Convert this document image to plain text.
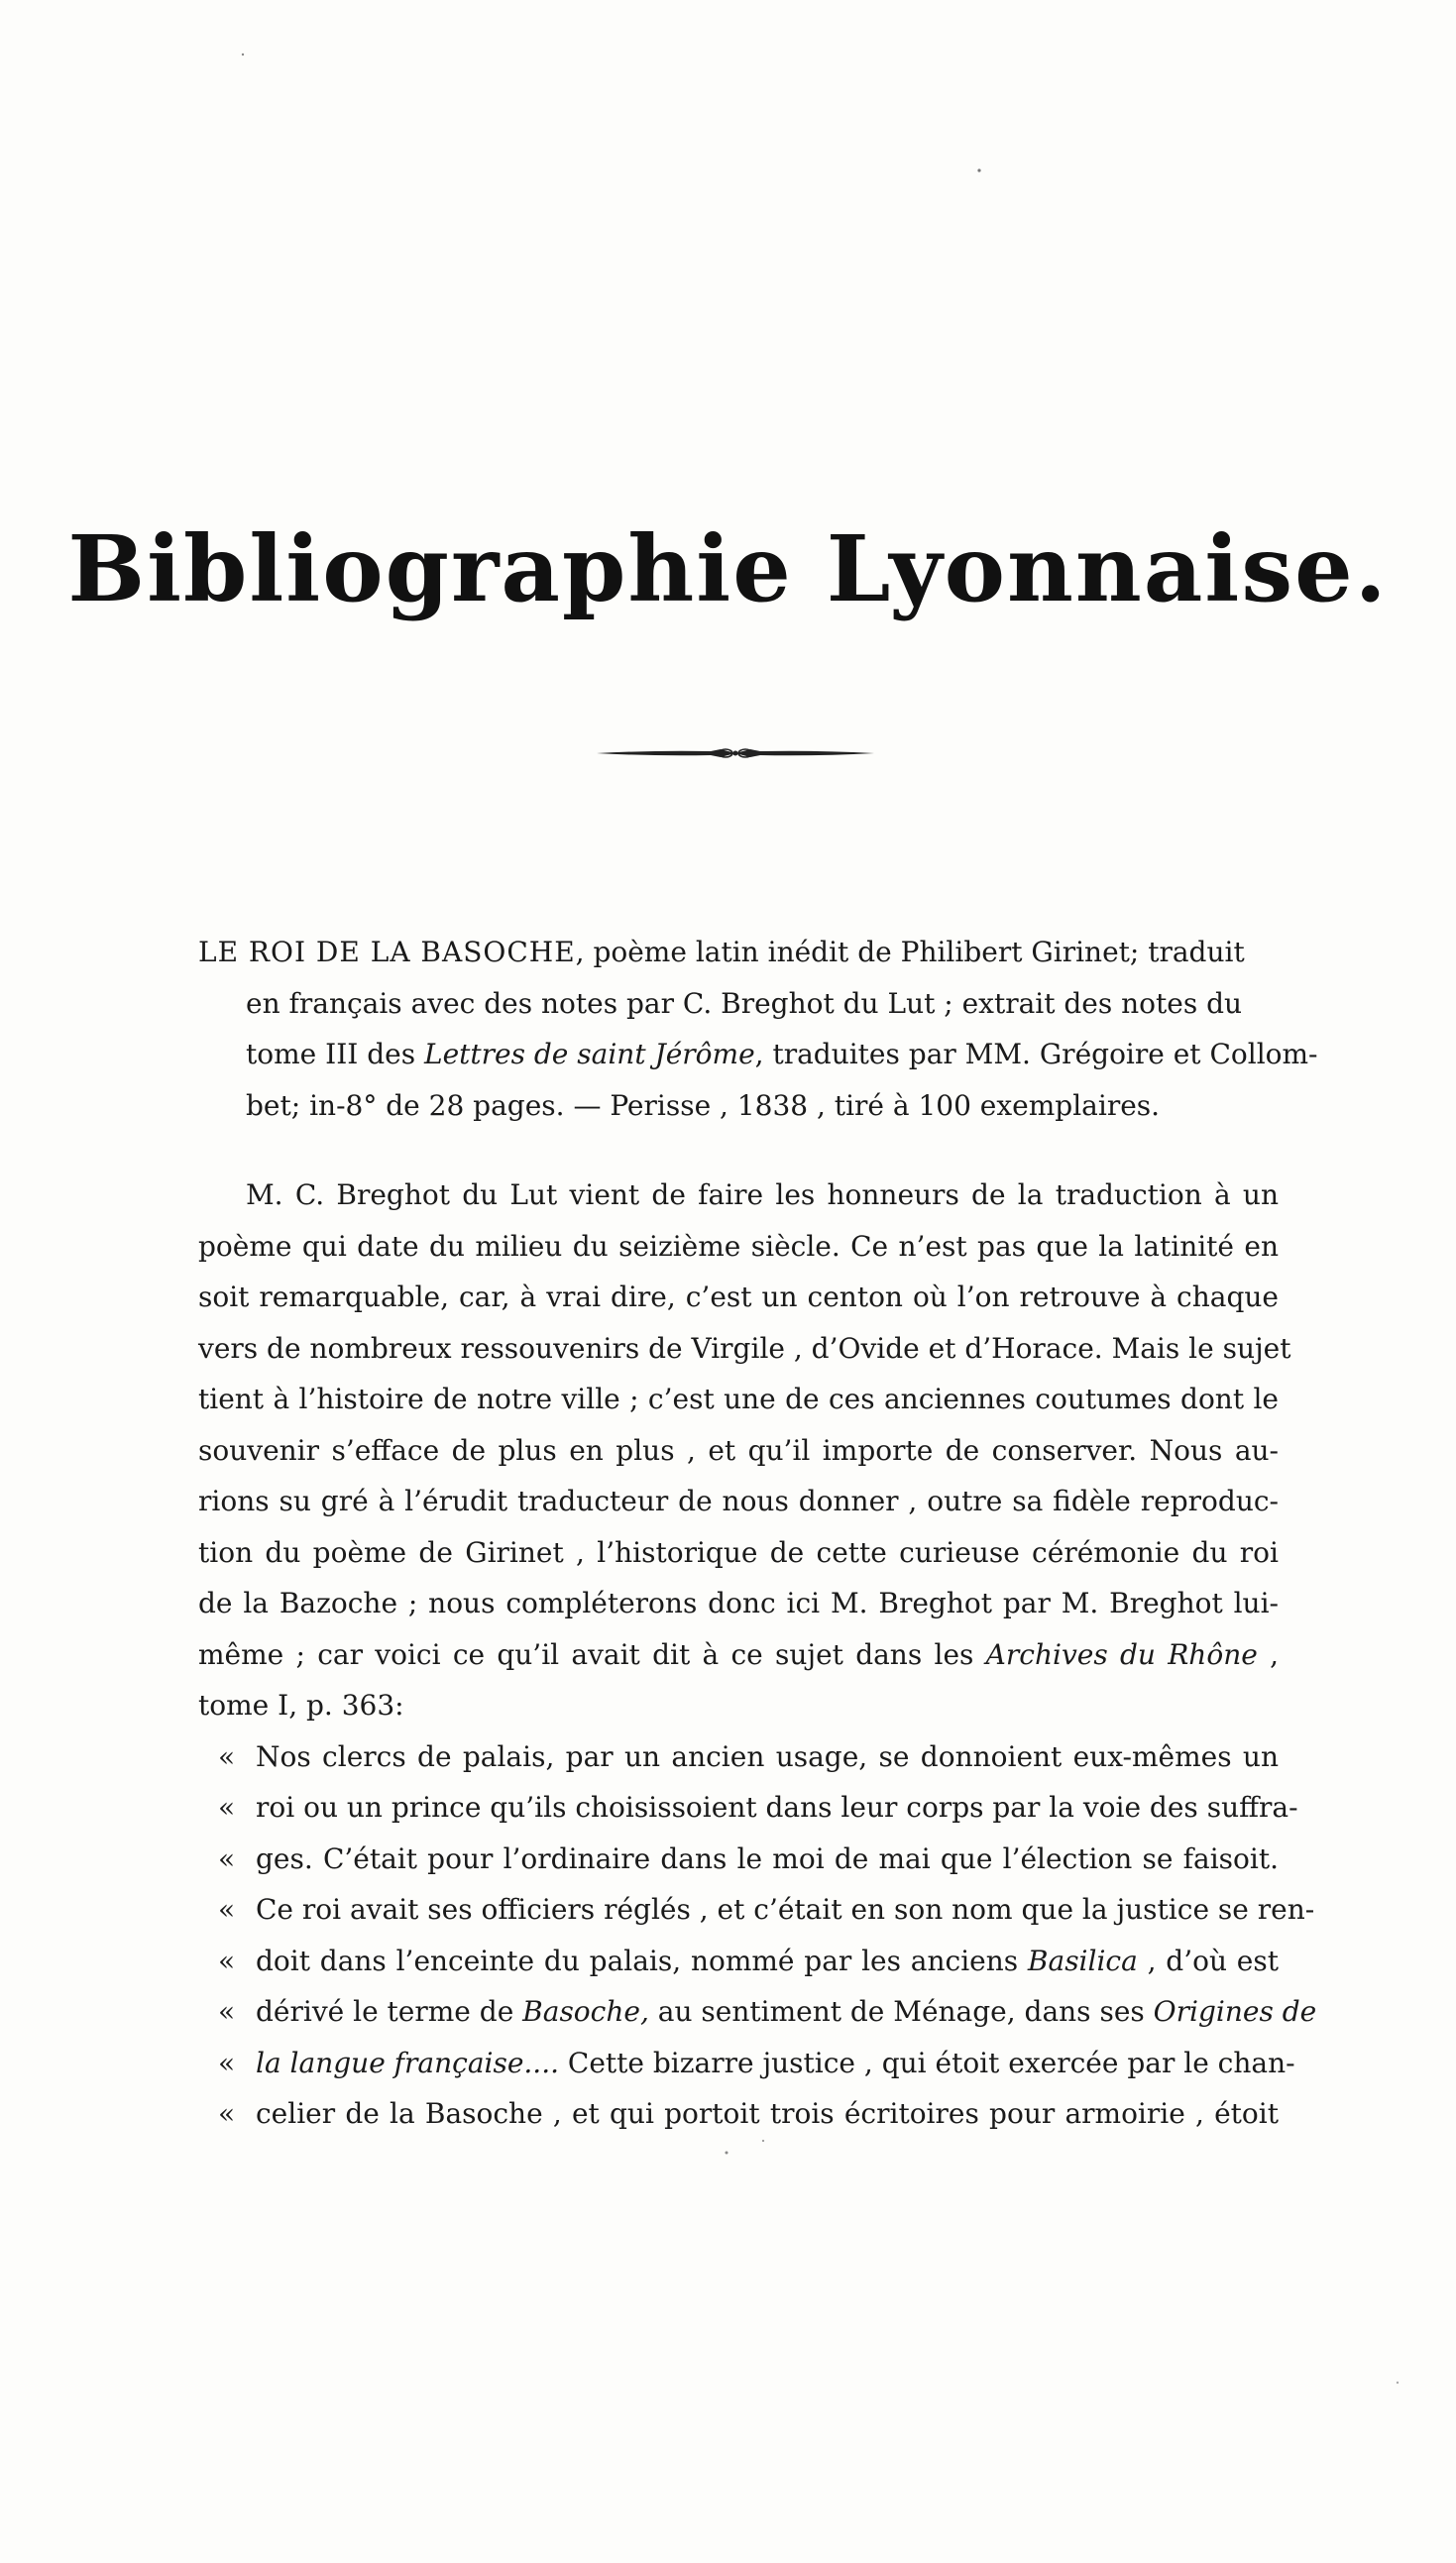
Bibliographie Lyonnaise.
LE ROI DE LA BASOCHE, poème latin inédit de Philibert Girinet; traduit
en français avec des notes par C. Breghot du Lut ; extrait des notes du
tome III des Lettres de saint Jérôme, traduites par MM. Grégoire et Collom-
bet; in-8° de 28 pages. — Perisse , 1838 , tiré à 100 exemplaires.
M. C. Breghot du Lut vient de faire les honneurs de la traduction à un
poème qui date du milieu du seizième siècle. Ce n’est pas que la latinité en
soit remarquable, car, à vrai dire, c’est un centon où l’on retrouve à chaque
vers de nombreux ressouvenirs de Virgile , d’Ovide et d’Horace. Mais le sujet
tient à l’histoire de notre ville ; c’est une de ces anciennes coutumes dont le
souvenir s’efface de plus en plus , et qu’il importe de conserver. Nous au-
rions su gré à l’érudit traducteur de nous donner , outre sa fidèle reproduc-
tion du poème de Girinet , l’historique de cette curieuse cérémonie du roi
de la Bazoche ; nous compléterons donc ici M. Breghot par M. Breghot lui-
même ; car voici ce qu’il avait dit à ce sujet dans les Archives du Rhône ,
tome I, p. 363:
« Nos clercs de palais, par un ancien usage, se donnoient eux-mêmes un
« roi ou un prince qu’ils choisissoient dans leur corps par la voie des suffra-
« ges. C’était pour l’ordinaire dans le moi de mai que l’élection se faisoit.
« Ce roi avait ses officiers réglés , et c’était en son nom que la justice se ren-
« doit dans l’enceinte du palais, nommé par les anciens Basilica , d’où est
« dérivé le terme de Basoche, au sentiment de Ménage, dans ses Origines de
« la langue française.... Cette bizarre justice , qui étoit exercée par le chan-
« celier de la Basoche , et qui portoit trois écritoires pour armoirie , étoit
